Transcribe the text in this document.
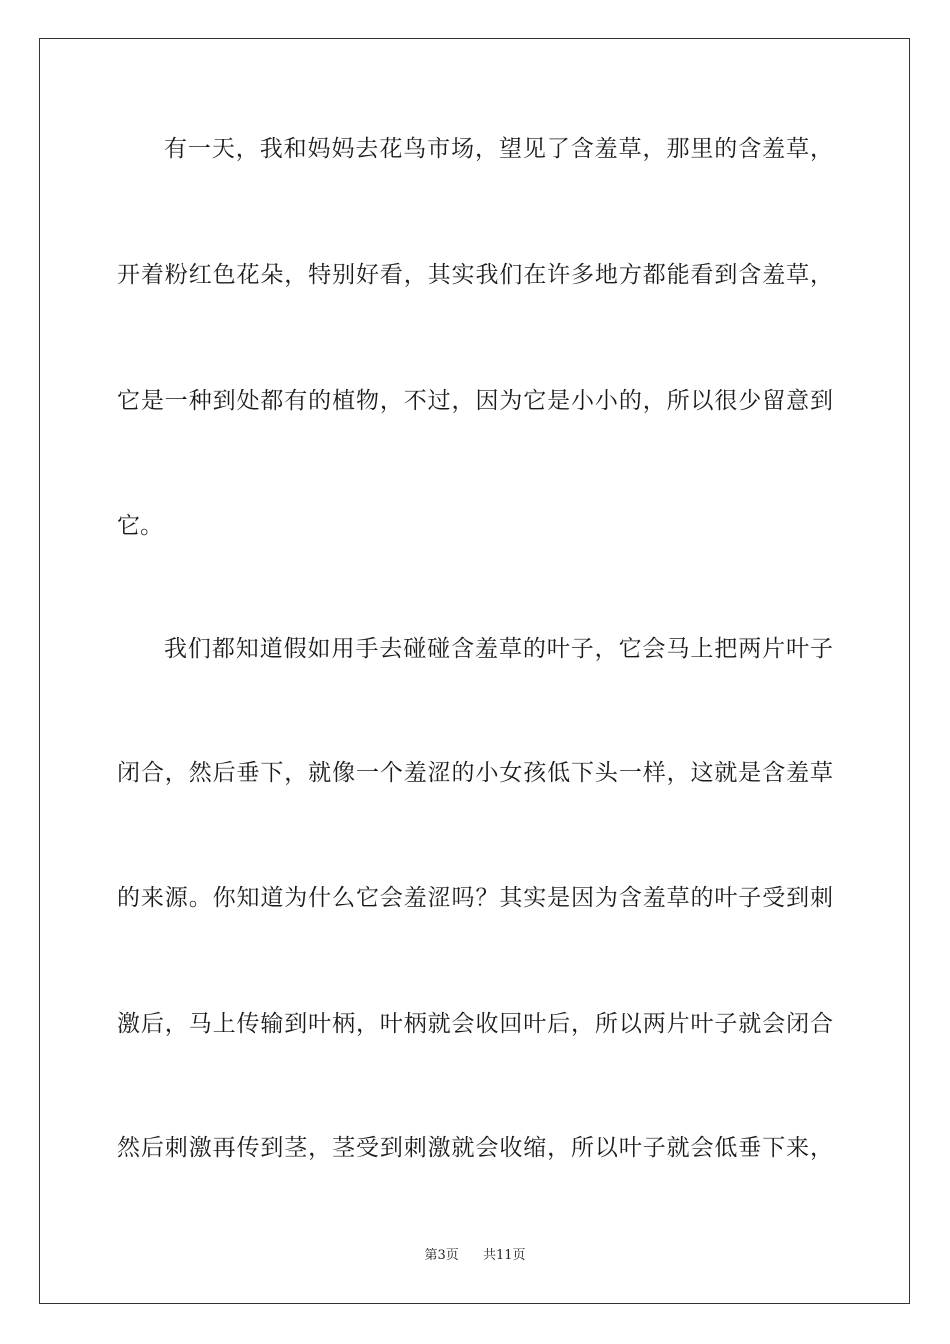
有一天，我和妈妈去花鸟市场，望见了含羞草，那里的含羞草，
开着粉红色花朵，特别好看，其实我们在许多地方都能看到含羞草，
它是一种到处都有的植物，不过，因为它是小小的，所以很少留意到
它。
我们都知道假如用手去碰碰含羞草的叶子，它会马上把两片叶子
闭合，然后垂下，就像一个羞涩的小女孩低下头一样，这就是含羞草
的来源。你知道为什么它会羞涩吗？其实是因为含羞草的叶子受到刺
激后，马上传输到叶柄，叶柄就会收回叶后，所以两片叶子就会闭合
然后刺激再传到茎，茎受到刺激就会收缩，所以叶子就会低垂下来，
第3页 共11页
